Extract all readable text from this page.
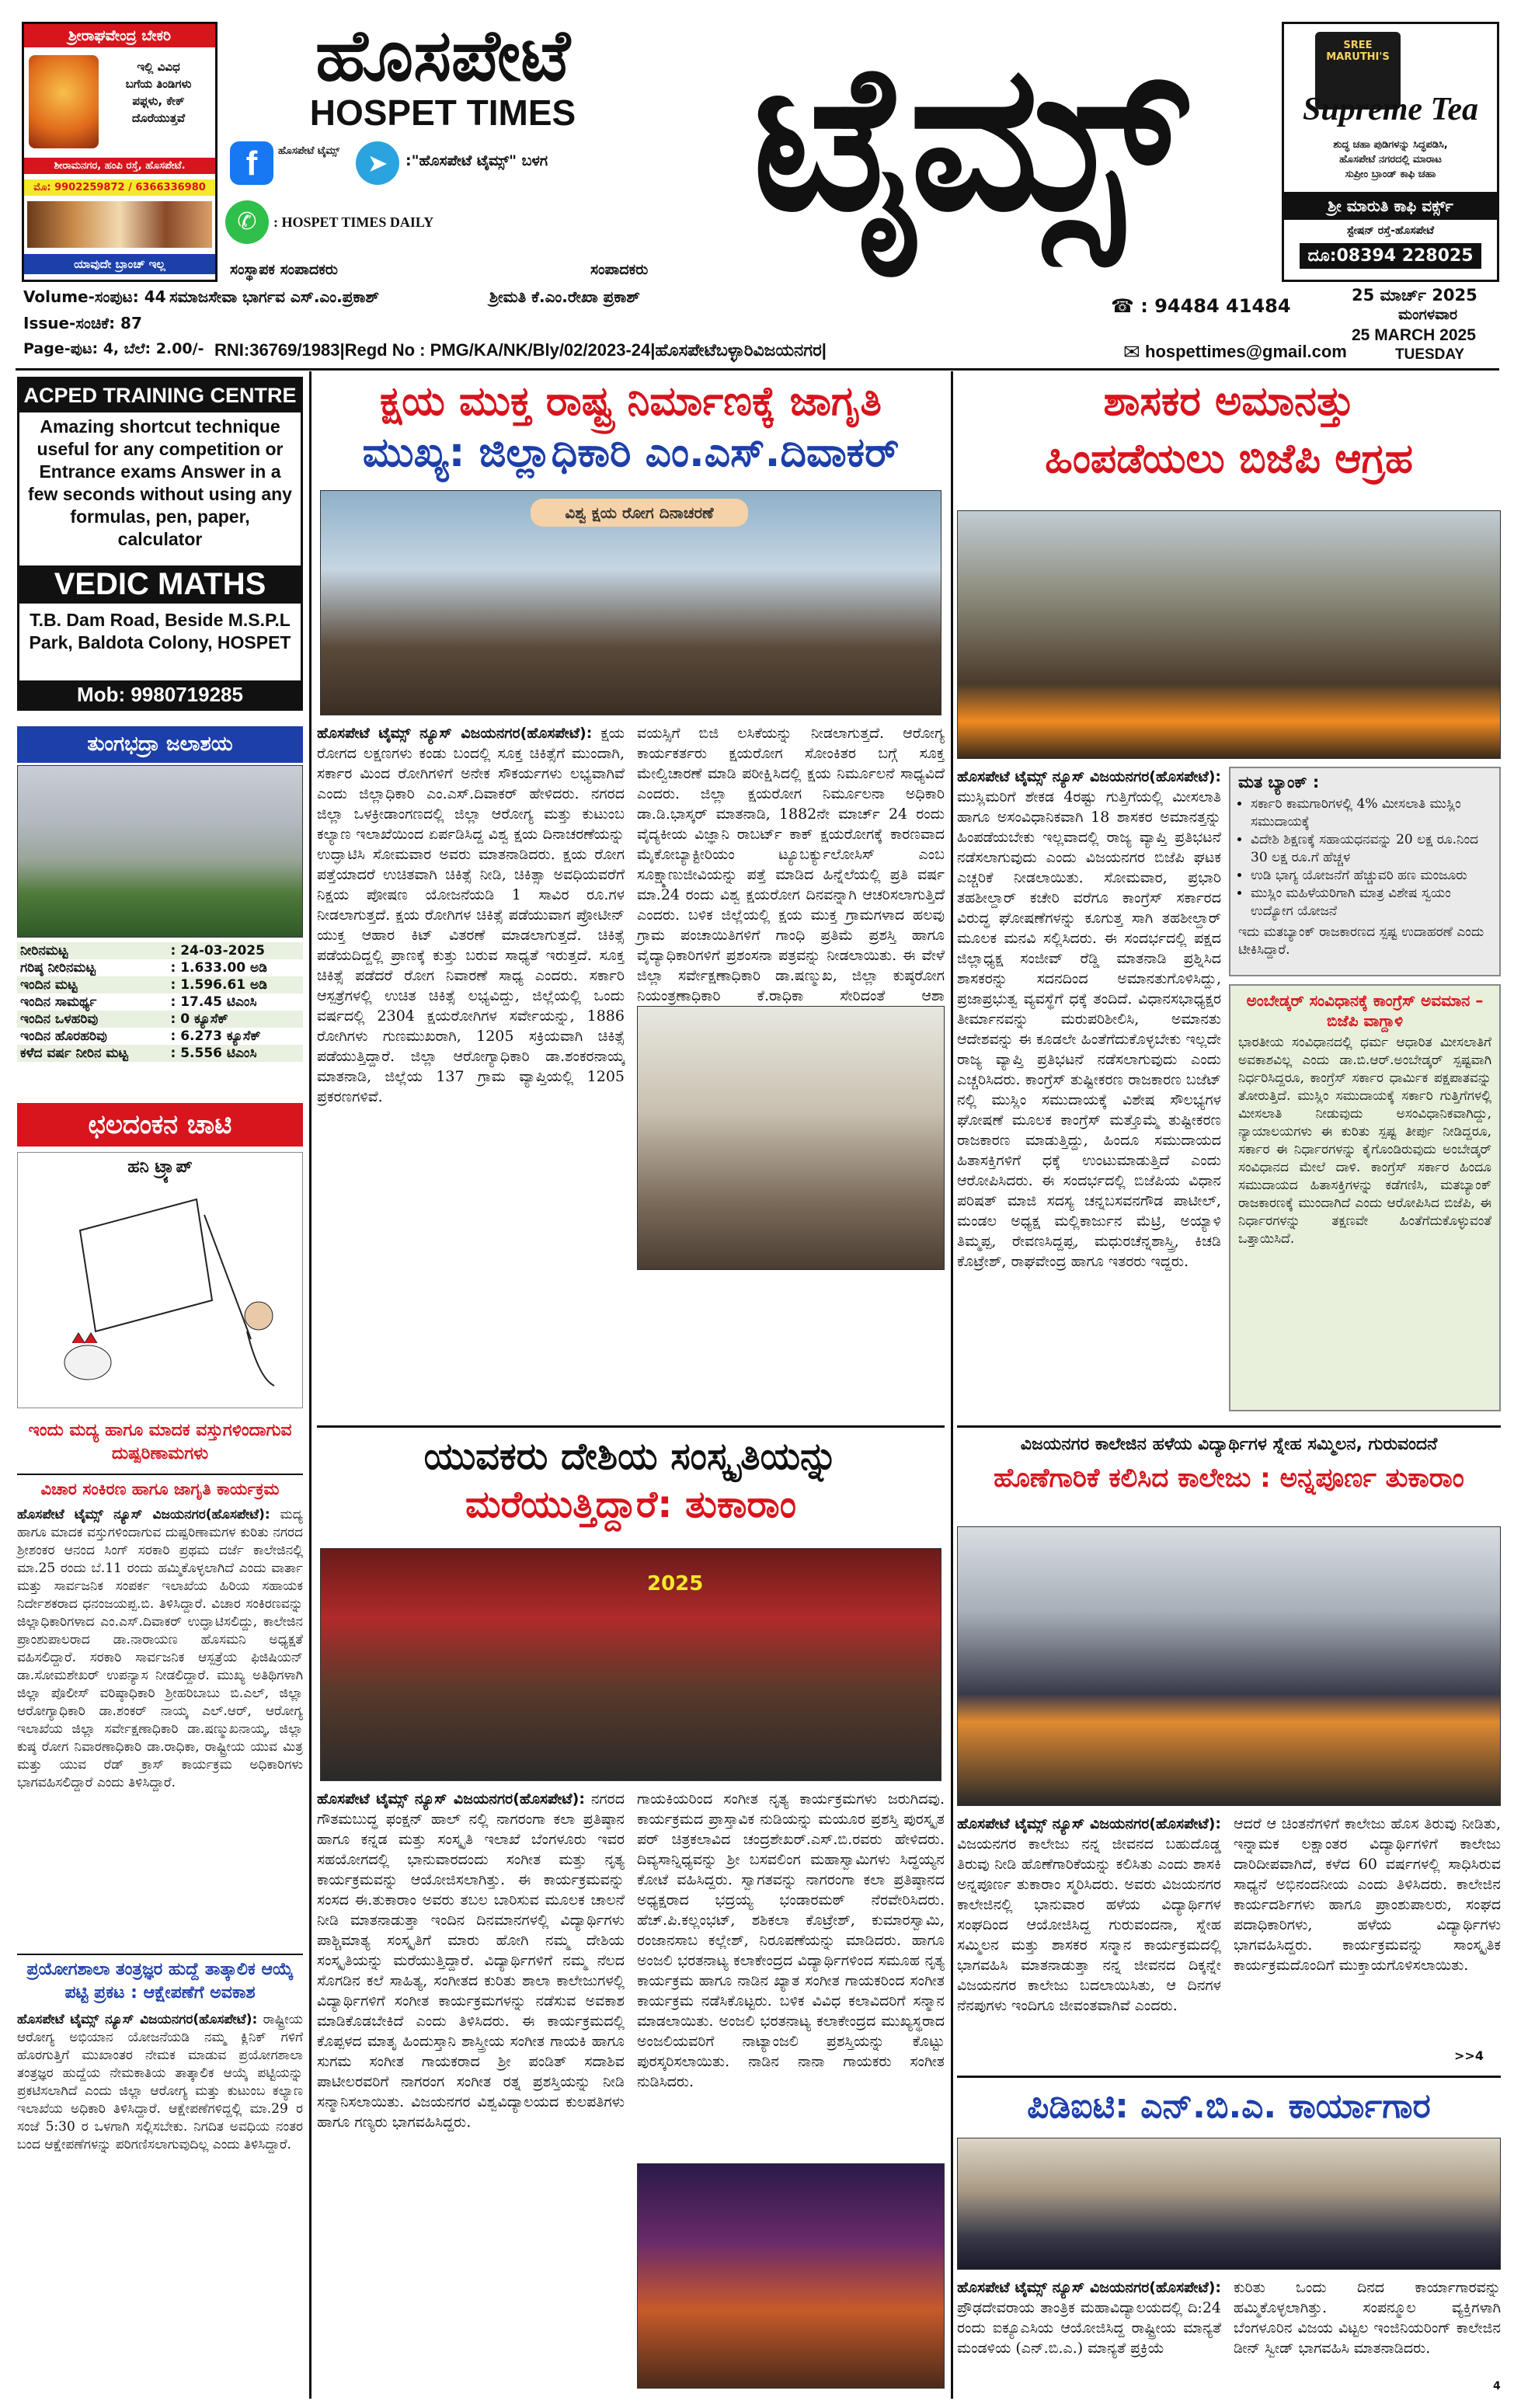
ಶ್ರೀರಾಘವೇಂದ್ರ ಬೇಕರಿ
ಇಲ್ಲಿ ವಿವಿಧ
ಬಗೆಯ ತಿಂಡಿಗಳು
ಪಫ್ಗಳು, ಕೇಕ್
ದೊರೆಯುತ್ತವೆ
ಶೀರಾಮನಗರ, ಹಂಪಿ ರಸ್ತೆ, ಹೊಸಪೇಟೆ.
ಮೊ: 9902259872 / 6366336980
ಯಾವುದೇ ಬ್ರಾಂಚ್ ಇಲ್ಲ
ಹೊಸಪೇಟೆ
HOSPET TIMES
f	ಹೊಸಪೇಟೆ ಟೈಮ್ಸ್	➤	:"ಹೊಸಪೇಟೆ ಟೈಮ್ಸ್" ಬಳಗ
✆	: HOSPET TIMES DAILY	ಟೈಮ್ಸ್	SREE MARUTHI'S
Supreme Tea
ಶುದ್ಧ ಚಹಾ ಪುಡಿಗಳನ್ನು ಸಿದ್ಧಪಡಿಸಿ,
ಹೊಸಪೇಟೆ ನಗರದಲ್ಲಿ ಮಾರಾಟ
ಸುಪ್ರೀಂ ಬ್ರಾಂಡ್ ಕಾಫಿ ಚಹಾ
ಶ್ರೀ ಮಾರುತಿ ಕಾಫಿ ವರ್ಕ್ಸ್
ಸ್ಟೇಷನ್ ರಸ್ತೆ-ಹೊಸಪೇಟೆ
ದೂ:08394 228025
ಸಂಸ್ಥಾಪಕ ಸಂಪಾದಕರು	ಸಂಪಾದಕರು
Volume-ಸಂಪುಟ: 44 ಸಮಾಜಸೇವಾ ಭಾರ್ಗವ ಎಸ್.ಎಂ.ಪ್ರಕಾಶ್	ಶ್ರೀಮತಿ ಕೆ.ಎಂ.ರೇಖಾ ಪ್ರಕಾಶ್	☎ : 94484 41484	25 ಮಾರ್ಚ್ 2025
ಮಂಗಳವಾರ
Issue-ಸಂಚಿಕೆ: 87
25 MARCH 2025
TUESDAY
Page-ಪುಟ: 4, ಬೆಲೆ: 2.00/- RNI:36769/1983|Regd No : PMG/KA/NK/Bly/02/2023-24|ಹೊಸಪೇಟೆಬಳ್ಳಾರಿವಿಜಯನಗರ|	✉ hospettimes@gmail.com
ACPED TRAINING CENTRE
Amazing shortcut technique useful for any competition or Entrance exams Answer in a few seconds without using any formulas, pen, paper, calculator
VEDIC MATHS
T.B. Dam Road, Beside M.S.P.L Park, Baldota Colony, HOSPET
Mob: 9980719285
ತುಂಗಭದ್ರಾ ಜಲಾಶಯ
ನೀರಿನಮಟ್ಟ	: 24-03-2025
ಗರಿಷ್ಠ ನೀರಿನಮಟ್ಟ	: 1.633.00 ಅಡಿ
ಇಂದಿನ ಮಟ್ಟ	: 1.596.61 ಅಡಿ
ಇಂದಿನ ಸಾಮರ್ಥ್ಯ	: 17.45 ಟಿಎಂಸಿ
ಇಂದಿನ ಒಳಹರಿವು	: 0 ಕ್ಯೂಸೆಕ್
ಇಂದಿನ ಹೊರಹರಿವು	: 6.273 ಕ್ಯೂಸೆಕ್
ಕಳೆದ ವರ್ಷ ನೀರಿನ ಮಟ್ಟ	: 5.556 ಟಿಎಂಸಿ
ಛಲದಂಕನ ಚಾಟಿ
ಹನಿ ಟ್ರ್ಯಾಪ್
ಇಂದು ಮದ್ಯ ಹಾಗೂ ಮಾದಕ ವಸ್ತುಗಳಿಂದಾಗುವ ದುಷ್ಪರಿಣಾಮಗಳು
ವಿಚಾರ ಸಂಕಿರಣ ಹಾಗೂ ಜಾಗೃತಿ ಕಾರ್ಯಕ್ರಮ
ಹೊಸಪೇಟೆ ಟೈಮ್ಸ್ ನ್ಯೂಸ್ ವಿಜಯನಗರ(ಹೊಸಪೇಟೆ): ಮದ್ಯ ಹಾಗೂ ಮಾದಕ ವಸ್ತುಗಳಿಂದಾಗುವ ದುಷ್ಪರಿಣಾಮಗಳ ಕುರಿತು ನಗರದ ಶ್ರೀಶಂಕರ ಆನಂದ ಸಿಂಗ್ ಸರಕಾರಿ ಪ್ರಥಮ ದರ್ಜೆ ಕಾಲೇಜಿನಲ್ಲಿ ಮಾ.25 ರಂದು ಬೆ.11 ರಂದು ಹಮ್ಮಿಕೊಳ್ಳಲಾಗಿದೆ ಎಂದು ವಾರ್ತಾ ಮತ್ತು ಸಾರ್ವಜನಿಕ ಸಂಪರ್ಕ ಇಲಾಖೆಯ ಹಿರಿಯ ಸಹಾಯಕ ನಿರ್ದೇಶಕರಾದ ಧನಂಜಯಪ್ಪ.ಬಿ. ತಿಳಿಸಿದ್ದಾರೆ. ವಿಚಾರ ಸಂಕಿರಣವನ್ನು ಜಿಲ್ಲಾಧಿಕಾರಿಗಳಾದ ಎಂ.ಎಸ್.ದಿವಾಕರ್ ಉದ್ಘಾಟಿಸಲಿದ್ದು, ಕಾಲೇಜಿನ ಪ್ರಾಂಶುಪಾಲರಾದ ಡಾ.ನಾರಾಯಣ ಹೊಸಮನಿ ಅಧ್ಯಕ್ಷತೆ ವಹಿಸಲಿದ್ದಾರೆ. ಸರಕಾರಿ ಸಾರ್ವಜನಿಕ ಆಸ್ಪತ್ರೆಯ ಫಿಜಿಷಿಯನ್ ಡಾ.ಸೋಮಶೇಖರ್ ಉಪನ್ಯಾಸ ನೀಡಲಿದ್ದಾರೆ. ಮುಖ್ಯ ಅತಿಥಿಗಳಾಗಿ ಜಿಲ್ಲಾ ಪೊಲೀಸ್ ವರಿಷ್ಠಾಧಿಕಾರಿ ಶ್ರೀಹರಿಬಾಬು ಬಿ.ಎಲ್, ಜಿಲ್ಲಾ ಆರೋಗ್ಯಾಧಿಕಾರಿ ಡಾ.ಶಂಕರ್ ನಾಯ್ಕ ಎಲ್.ಆರ್, ಆರೋಗ್ಯ ಇಲಾಖೆಯ ಜಿಲ್ಲಾ ಸರ್ವೇಕ್ಷಣಾಧಿಕಾರಿ ಡಾ.ಷಣ್ಮುಖನಾಯ್ಕ, ಜಿಲ್ಲಾ ಕುಷ್ಠ ರೋಗ ನಿವಾರಣಾಧಿಕಾರಿ ಡಾ.ರಾಧಿಕಾ, ರಾಷ್ಟ್ರೀಯ ಯುವ ಮಿತ್ರ ಮತ್ತು ಯುವ ರೆಡ್ ಕ್ರಾಸ್ ಕಾರ್ಯಕ್ರಮ ಅಧಿಕಾರಿಗಳು ಭಾಗವಹಿಸಲಿದ್ದಾರೆ ಎಂದು ತಿಳಿಸಿದ್ದಾರೆ.
ಪ್ರಯೋಗಶಾಲಾ ತಂತ್ರಜ್ಞರ ಹುದ್ದೆ ತಾತ್ಕಾಲಿಕ ಆಯ್ಕೆ ಪಟ್ಟಿ ಪ್ರಕಟ : ಆಕ್ಷೇಪಣೆಗೆ ಅವಕಾಶ
ಹೊಸಪೇಟೆ ಟೈಮ್ಸ್ ನ್ಯೂಸ್ ವಿಜಯನಗರ(ಹೊಸಪೇಟೆ): ರಾಷ್ಟ್ರೀಯ ಆರೋಗ್ಯ ಅಭಿಯಾನ ಯೋಜನೆಯಡಿ ನಮ್ಮ ಕ್ಲಿನಿಕ್ ಗಳಿಗೆ ಹೊರಗುತ್ತಿಗೆ ಮುಖಾಂತರ ನೇಮಕ ಮಾಡುವ ಪ್ರಯೋಗಶಾಲಾ ತಂತ್ರಜ್ಞರ ಹುದ್ದೆಯ ನೇಮಕಾತಿಯ ತಾತ್ಕಾಲಿಕ ಆಯ್ಕೆ ಪಟ್ಟಿಯನ್ನು ಪ್ರಕಟಿಸಲಾಗಿದೆ ಎಂದು ಜಿಲ್ಲಾ ಆರೋಗ್ಯ ಮತ್ತು ಕುಟುಂಬ ಕಲ್ಯಾಣ ಇಲಾಖೆಯ ಅಧಿಕಾರಿ ತಿಳಿಸಿದ್ದಾರೆ. ಆಕ್ಷೇಪಣೆಗಳಿದ್ದಲ್ಲಿ ಮಾ.29 ರ ಸಂಜೆ 5:30 ರ ಒಳಗಾಗಿ ಸಲ್ಲಿಸಬೇಕು. ನಿಗದಿತ ಅವಧಿಯ ನಂತರ ಬಂದ ಆಕ್ಷೇಪಣೆಗಳನ್ನು ಪರಿಗಣಿಸಲಾಗುವುದಿಲ್ಲ ಎಂದು ತಿಳಿಸಿದ್ದಾರೆ.
ಕ್ಷಯ ಮುಕ್ತ ರಾಷ್ಟ್ರ ನಿರ್ಮಾಣಕ್ಕೆ ಜಾಗೃತಿ
ಮುಖ್ಯ: ಜಿಲ್ಲಾಧಿಕಾರಿ ಎಂ.ಎಸ್.ದಿವಾಕರ್
ವಿಶ್ವ ಕ್ಷಯ ರೋಗ ದಿನಾಚರಣೆ
ಹೊಸಪೇಟೆ ಟೈಮ್ಸ್ ನ್ಯೂಸ್ ವಿಜಯನಗರ(ಹೊಸಪೇಟೆ): ಕ್ಷಯ ರೋಗದ ಲಕ್ಷಣಗಳು ಕಂಡು ಬಂದಲ್ಲಿ ಸೂಕ್ತ ಚಿಕಿತ್ಸೆಗೆ ಮುಂದಾಗಿ, ಸರ್ಕಾರ ಮಿಂದ ರೋಗಿಗಳಿಗೆ ಅನೇಕ ಸೌಕರ್ಯಗಳು ಲಭ್ಯವಾಗಿವೆ ಎಂದು ಜಿಲ್ಲಾಧಿಕಾರಿ ಎಂ.ಎಸ್.ದಿವಾಕರ್ ಹೇಳಿದರು. ನಗರದ ಜಿಲ್ಲಾ ಒಳಕ್ರೀಡಾಂಗಣದಲ್ಲಿ ಜಿಲ್ಲಾ ಆರೋಗ್ಯ ಮತ್ತು ಕುಟುಂಬ ಕಲ್ಯಾಣ ಇಲಾಖೆಯಿಂದ ಏರ್ಪಡಿಸಿದ್ದ ವಿಶ್ವ ಕ್ಷಯ ದಿನಾಚರಣೆಯನ್ನು ಉದ್ಘಾಟಿಸಿ ಸೋಮವಾರ ಅವರು ಮಾತನಾಡಿದರು. ಕ್ಷಯ ರೋಗ ಪತ್ತೆಯಾದರೆ ಉಚಿತವಾಗಿ ಚಿಕಿತ್ಸೆ ನೀಡಿ, ಚಿಕಿತ್ಸಾ ಅವಧಿಯವರೆಗೆ ನಿಕ್ಷಯ ಪೋಷಣ ಯೋಜನೆಯಡಿ 1 ಸಾವಿರ ರೂ.ಗಳ ನೀಡಲಾಗುತ್ತದೆ. ಕ್ಷಯ ರೋಗಿಗಳ ಚಿಕಿತ್ಸೆ ಪಡೆಯುವಾಗ ಪ್ರೋಟೀನ್ ಯುಕ್ತ ಆಹಾರ ಕಿಟ್ ವಿತರಣೆ ಮಾಡಲಾಗುತ್ತದೆ. ಚಿಕಿತ್ಸೆ ಪಡೆಯದಿದ್ದಲ್ಲಿ ಪ್ರಾಣಕ್ಕೆ ಕುತ್ತು ಬರುವ ಸಾಧ್ಯತೆ ಇರುತ್ತದೆ. ಸೂಕ್ತ ಚಿಕಿತ್ಸೆ ಪಡೆದರೆ ರೋಗ ನಿವಾರಣೆ ಸಾಧ್ಯ ಎಂದರು. ಸರ್ಕಾರಿ ಆಸ್ಪತ್ರೆಗಳಲ್ಲಿ ಉಚಿತ ಚಿಕಿತ್ಸೆ ಲಭ್ಯವಿದ್ದು, ಜಿಲ್ಲೆಯಲ್ಲಿ ಒಂದು ವರ್ಷದಲ್ಲಿ 2304 ಕ್ಷಯರೋಗಿಗಳ ಸರ್ವೇಯನ್ನು, 1886 ರೋಗಿಗಳು ಗುಣಮುಖರಾಗಿ, 1205 ಸಕ್ರಿಯವಾಗಿ ಚಿಕಿತ್ಸೆ ಪಡೆಯುತ್ತಿದ್ದಾರೆ. ಜಿಲ್ಲಾ ಆರೋಗ್ಯಾಧಿಕಾರಿ ಡಾ.ಶಂಕರನಾಯ್ಕ ಮಾತನಾಡಿ, ಜಿಲ್ಲೆಯ 137 ಗ್ರಾಮ ವ್ಯಾಪ್ತಿಯಲ್ಲಿ 1205 ಪ್ರಕರಣಗಳಿವೆ.
ವಯಸ್ಸಿಗೆ ಬಿಜಿ ಲಸಿಕೆಯನ್ನು ನೀಡಲಾಗುತ್ತದೆ. ಆರೋಗ್ಯ ಕಾರ್ಯಕರ್ತರು ಕ್ಷಯರೋಗ ಸೋಂಕಿತರ ಬಗ್ಗೆ ಸೂಕ್ತ ಮೇಲ್ವಿಚಾರಣೆ ಮಾಡಿ ಪರೀಕ್ಷಿಸಿದಲ್ಲಿ ಕ್ಷಯ ನಿರ್ಮೂಲನೆ ಸಾಧ್ಯವಿದೆ ಎಂದರು. ಜಿಲ್ಲಾ ಕ್ಷಯರೋಗ ನಿರ್ಮೂಲನಾ ಅಧಿಕಾರಿ ಡಾ.ಡಿ.ಭಾಸ್ಕರ್ ಮಾತನಾಡಿ, 1882ನೇ ಮಾರ್ಚ್ 24 ರಂದು ವೈದ್ಯಕೀಯ ವಿಜ್ಞಾನಿ ರಾಬರ್ಟ್ ಕಾಕ್ ಕ್ಷಯರೋಗಕ್ಕೆ ಕಾರಣವಾದ ಮೈಕೋಬ್ಯಾಕ್ಟೀರಿಯಂ ಟ್ಯೂಬರ್ಕ್ಯುಲೋಸಿಸ್ ಎಂಬ ಸೂಕ್ಷ್ಮಾಣುಜೀವಿಯನ್ನು ಪತ್ತೆ ಮಾಡಿದ ಹಿನ್ನೆಲೆಯಲ್ಲಿ ಪ್ರತಿ ವರ್ಷ ಮಾ.24 ರಂದು ವಿಶ್ವ ಕ್ಷಯರೋಗ ದಿನವನ್ನಾಗಿ ಆಚರಿಸಲಾಗುತ್ತಿದೆ ಎಂದರು. ಬಳಿಕ ಜಿಲ್ಲೆಯಲ್ಲಿ ಕ್ಷಯ ಮುಕ್ತ ಗ್ರಾಮಗಳಾದ ಹಲವು ಗ್ರಾಮ ಪಂಚಾಯಿತಿಗಳಿಗೆ ಗಾಂಧಿ ಪ್ರತಿಮೆ ಪ್ರಶಸ್ತಿ ಹಾಗೂ ವೈದ್ಯಾಧಿಕಾರಿಗಳಿಗೆ ಪ್ರಶಂಸನಾ ಪತ್ರವನ್ನು ನೀಡಲಾಯಿತು. ಈ ವೇಳೆ ಜಿಲ್ಲಾ ಸರ್ವೇಕ್ಷಣಾಧಿಕಾರಿ ಡಾ.ಷಣ್ಮುಖ, ಜಿಲ್ಲಾ ಕುಷ್ಠರೋಗ ನಿಯಂತ್ರಣಾಧಿಕಾರಿ ಕೆ.ರಾಧಿಕಾ ಸೇರಿದಂತೆ ಆಶಾ
ಶಾಸಕರ ಅಮಾನತ್ತು
ಹಿಂಪಡೆಯಲು ಬಿಜೆಪಿ ಆಗ್ರಹ
ಹೊಸಪೇಟೆ ಟೈಮ್ಸ್ ನ್ಯೂಸ್ ವಿಜಯನಗರ(ಹೊಸಪೇಟೆ): ಮುಸ್ಲಿಮರಿಗೆ ಶೇಕಡ 4ರಷ್ಟು ಗುತ್ತಿಗೆಯಲ್ಲಿ ಮೀಸಲಾತಿ ಹಾಗೂ ಅಸಂವಿಧಾನಿಕವಾಗಿ 18 ಶಾಸಕರ ಅಮಾನತ್ತನ್ನು ಹಿಂಪಡೆಯಬೇಕು ಇಲ್ಲವಾದಲ್ಲಿ ರಾಜ್ಯ ವ್ಯಾಪ್ತಿ ಪ್ರತಿಭಟನೆ ನಡೆಸಲಾಗುವುದು ಎಂದು ವಿಜಯನಗರ ಬಿಜೆಪಿ ಘಟಕ ಎಚ್ಚರಿಕೆ ನೀಡಲಾಯಿತು. ಸೋಮವಾರ, ಪ್ರಭಾರಿ ತಹಶೀಲ್ದಾರ್ ಕಚೇರಿ ವರೆಗೂ ಕಾಂಗ್ರೆಸ್ ಸರ್ಕಾರದ ವಿರುದ್ಧ ಘೋಷಣೆಗಳನ್ನು ಕೂಗುತ್ತ ಸಾಗಿ ತಹಶೀಲ್ದಾರ್ ಮೂಲಕ ಮನವಿ ಸಲ್ಲಿಸಿದರು. ಈ ಸಂದರ್ಭದಲ್ಲಿ ಪಕ್ಷದ ಜಿಲ್ಲಾಧ್ಯಕ್ಷ ಸಂಜೀವ್ ರೆಡ್ಡಿ ಮಾತನಾಡಿ ಪ್ರಶ್ನಿಸಿದ ಶಾಸಕರನ್ನು ಸದನದಿಂದ ಅಮಾನತುಗೊಳಿಸಿದ್ದು, ಪ್ರಜಾಪ್ರಭುತ್ವ ವ್ಯವಸ್ಥೆಗೆ ಧಕ್ಕೆ ತಂದಿದೆ. ವಿಧಾನಸಭಾಧ್ಯಕ್ಷರ ತೀರ್ಮಾನವನ್ನು ಮರುಪರಿಶೀಲಿಸಿ, ಅಮಾನತು ಆದೇಶವನ್ನು ಈ ಕೂಡಲೇ ಹಿಂತೆಗೆದುಕೊಳ್ಳಬೇಕು ಇಲ್ಲದೇ ರಾಜ್ಯ ವ್ಯಾಪ್ತಿ ಪ್ರತಿಭಟನೆ ನಡೆಸಲಾಗುವುದು ಎಂದು ಎಚ್ಚರಿಸಿದರು. ಕಾಂಗ್ರೆಸ್ ತುಷ್ಟೀಕರಣ ರಾಜಕಾರಣ ಬಜೆಟ್ ನಲ್ಲಿ ಮುಸ್ಲಿಂ ಸಮುದಾಯಕ್ಕೆ ವಿಶೇಷ ಸೌಲಭ್ಯಗಳ ಘೋಷಣೆ ಮೂಲಕ ಕಾಂಗ್ರೆಸ್ ಮತ್ತೊಮ್ಮೆ ತುಷ್ಟೀಕರಣ ರಾಜಕಾರಣ ಮಾಡುತ್ತಿದ್ದು, ಹಿಂದೂ ಸಮುದಾಯದ ಹಿತಾಸಕ್ತಿಗಳಿಗೆ ಧಕ್ಕೆ ಉಂಟುಮಾಡುತ್ತಿದೆ ಎಂದು ಆರೋಪಿಸಿದರು. ಈ ಸಂದರ್ಭದಲ್ಲಿ ಬಿಜೆಪಿಯ ವಿಧಾನ ಪರಿಷತ್ ಮಾಜಿ ಸದಸ್ಯ ಚನ್ನಬಸವನಗೌಡ ಪಾಟೀಲ್, ಮಂಡಲ ಅಧ್ಯಕ್ಷ ಮಲ್ಲಿಕಾರ್ಜುನ ಮೆಟ್ರಿ, ಅಯ್ಯಾಳಿ ತಿಮ್ಮಪ್ಪ, ರೇವಣಸಿದ್ದಪ್ಪ, ಮಧುರಚೆನ್ನಶಾಸ್ತ್ರಿ, ಕಿಚಡಿ ಕೊಟ್ರೇಶ್, ರಾಘವೇಂದ್ರ ಹಾಗೂ ಇತರರು ಇದ್ದರು.
ಮತ ಬ್ಯಾಂಕ್ :
• ಸರ್ಕಾರಿ ಕಾಮಗಾರಿಗಳಲ್ಲಿ 4% ಮೀಸಲಾತಿ ಮುಸ್ಲಿಂ ಸಮುದಾಯಕ್ಕೆ
• ವಿದೇಶಿ ಶಿಕ್ಷಣಕ್ಕೆ ಸಹಾಯಧನವನ್ನು 20 ಲಕ್ಷ ರೂ.ನಿಂದ 30 ಲಕ್ಷ ರೂ.ಗೆ ಹೆಚ್ಚಳ
• ಉಡಿ ಭಾಗ್ಯ ಯೋಜನೆಗೆ ಹೆಚ್ಚುವರಿ ಹಣ ಮಂಜೂರು
• ಮುಸ್ಲಿಂ ಮಹಿಳೆಯರಿಗಾಗಿ ಮಾತ್ರ ವಿಶೇಷ ಸ್ವಯಂ ಉದ್ಯೋಗ ಯೋಜನೆ
ಇದು ಮತಬ್ಯಾಂಕ್ ರಾಜಕಾರಣದ ಸ್ಪಷ್ಟ ಉದಾಹರಣೆ ಎಂದು ಟೀಕಿಸಿದ್ದಾರೆ.
ಅಂಬೇಡ್ಕರ್ ಸಂವಿಧಾನಕ್ಕೆ ಕಾಂಗ್ರೆಸ್ ಅವಮಾನ – ಬಿಜೆಪಿ ವಾಗ್ದಾಳಿ
ಭಾರತೀಯ ಸಂವಿಧಾನದಲ್ಲಿ ಧರ್ಮ ಆಧಾರಿತ ಮೀಸಲಾತಿಗೆ ಅವಕಾಶವಿಲ್ಲ ಎಂದು ಡಾ.ಬಿ.ಆರ್.ಅಂಬೇಡ್ಕರ್ ಸ್ಪಷ್ಟವಾಗಿ ನಿರ್ಧರಿಸಿದ್ದರೂ, ಕಾಂಗ್ರೆಸ್ ಸರ್ಕಾರ ಧಾರ್ಮಿಕ ಪಕ್ಷಪಾತವನ್ನು ತೋರುತ್ತಿದೆ. ಮುಸ್ಲಿಂ ಸಮುದಾಯಕ್ಕೆ ಸರ್ಕಾರಿ ಗುತ್ತಿಗೆಗಳಲ್ಲಿ ಮೀಸಲಾತಿ ನೀಡುವುದು ಅಸಂವಿಧಾನಿಕವಾಗಿದ್ದು, ನ್ಯಾಯಾಲಯಗಳು ಈ ಕುರಿತು ಸ್ಪಷ್ಟ ತೀರ್ಪು ನೀಡಿದ್ದರೂ, ಸರ್ಕಾರ ಈ ನಿರ್ಧಾರಗಳನ್ನು ಕೈಗೊಂಡಿರುವುದು ಅಂಬೇಡ್ಕರ್ ಸಂವಿಧಾನದ ಮೇಲೆ ದಾಳಿ. ಕಾಂಗ್ರೆಸ್ ಸರ್ಕಾರ ಹಿಂದೂ ಸಮುದಾಯದ ಹಿತಾಸಕ್ತಿಗಳನ್ನು ಕಡೆಗಣಿಸಿ, ಮತಬ್ಯಾಂಕ್ ರಾಜಕಾರಣಕ್ಕೆ ಮುಂದಾಗಿದೆ ಎಂದು ಆರೋಪಿಸಿದ ಬಿಜೆಪಿ, ಈ ನಿರ್ಧಾರಗಳನ್ನು ತಕ್ಷಣವೇ ಹಿಂತೆಗೆದುಕೊಳ್ಳುವಂತೆ ಒತ್ತಾಯಿಸಿದೆ.
ಯುವಕರು ದೇಶಿಯ ಸಂಸ್ಕೃತಿಯನ್ನು
ಮರೆಯುತ್ತಿದ್ದಾರೆ: ತುಕಾರಾಂ
2025
ಹೊಸಪೇಟೆ ಟೈಮ್ಸ್ ನ್ಯೂಸ್ ವಿಜಯನಗರ(ಹೊಸಪೇಟೆ): ನಗರದ ಗೌತಮಬುದ್ಧ ಫಂಕ್ಷನ್ ಹಾಲ್ ನಲ್ಲಿ ನಾಗರಂಗಾ ಕಲಾ ಪ್ರತಿಷ್ಠಾನ ಹಾಗೂ ಕನ್ನಡ ಮತ್ತು ಸಂಸ್ಕೃತಿ ಇಲಾಖೆ ಬೆಂಗಳೂರು ಇವರ ಸಹಯೋಗದಲ್ಲಿ ಭಾನುವಾರದಂದು ಸಂಗೀತ ಮತ್ತು ನೃತ್ಯ ಕಾರ್ಯಕ್ರಮವನ್ನು ಆಯೋಜಿಸಲಾಗಿತ್ತು. ಈ ಕಾರ್ಯಕ್ರಮವನ್ನು ಸಂಸದ ಈ.ತುಕಾರಾಂ ಅವರು ತಬಲ ಬಾರಿಸುವ ಮೂಲಕ ಚಾಲನೆ ನೀಡಿ ಮಾತನಾಡುತ್ತಾ ಇಂದಿನ ದಿನಮಾನಗಳಲ್ಲಿ ವಿದ್ಯಾರ್ಥಿಗಳು ಪಾಶ್ಚಿಮಾತ್ಯ ಸಂಸ್ಕೃತಿಗೆ ಮಾರು ಹೋಗಿ ನಮ್ಮ ದೇಶಿಯ ಸಂಸ್ಕೃತಿಯನ್ನು ಮರೆಯುತ್ತಿದ್ದಾರೆ. ವಿದ್ಯಾರ್ಥಿಗಳಿಗೆ ನಮ್ಮ ನೆಲದ ಸೊಗಡಿನ ಕಲೆ ಸಾಹಿತ್ಯ, ಸಂಗೀತದ ಕುರಿತು ಶಾಲಾ ಕಾಲೇಜುಗಳಲ್ಲಿ ವಿದ್ಯಾರ್ಥಿಗಳಿಗೆ ಸಂಗೀತ ಕಾರ್ಯಕ್ರಮಗಳನ್ನು ನಡೆಸುವ ಅವಕಾಶ ಮಾಡಿಕೊಡಬೇಕಿದೆ ಎಂದು ತಿಳಿಸಿದರು. ಈ ಕಾರ್ಯಕ್ರಮದಲ್ಲಿ ಕೊಪ್ಪಳದ ಮಾತೃ ಹಿಂದುಸ್ತಾನಿ ಶಾಸ್ತ್ರೀಯ ಸಂಗೀತ ಗಾಯಕಿ ಹಾಗೂ ಸುಗಮ ಸಂಗೀತ ಗಾಯಕರಾದ ಶ್ರೀ ಪಂಡಿತ್ ಸದಾಶಿವ ಪಾಟೀಲರವರಿಗೆ ನಾಗರಂಗ ಸಂಗೀತ ರತ್ನ ಪ್ರಶಸ್ತಿಯನ್ನು ನೀಡಿ ಸನ್ಮಾನಿಸಲಾಯಿತು. ವಿಜಯನಗರ ವಿಶ್ವವಿದ್ಯಾಲಯದ ಕುಲಪತಿಗಳು ಹಾಗೂ ಗಣ್ಯರು ಭಾಗವಹಿಸಿದ್ದರು.
ಗಾಯಕಿಯರಿಂದ ಸಂಗೀತ ನೃತ್ಯ ಕಾರ್ಯಕ್ರಮಗಳು ಜರುಗಿದವು. ಕಾರ್ಯಕ್ರಮದ ಪ್ರಾಸ್ತಾವಿಕ ನುಡಿಯನ್ನು ಮಯೂರ ಪ್ರಶಸ್ತಿ ಪುರಸ್ಕೃತ ಪರ್ ಚಿತ್ರಕಲಾವಿದ ಚಂದ್ರಶೇಖರ್.ಎಸ್.ಬಿ.ರವರು ಹೇಳಿದರು. ದಿವ್ಯಸಾನ್ನಿಧ್ಯವನ್ನು ಶ್ರೀ ಬಸವಲಿಂಗ ಮಹಾಸ್ವಾಮಿಗಳು ಸಿದ್ಧಯ್ಯನ ಕೋಟೆ ವಹಿಸಿದ್ದರು. ಸ್ವಾಗತವನ್ನು ನಾಗರಂಗಾ ಕಲಾ ಪ್ರತಿಷ್ಠಾನದ ಅಧ್ಯಕ್ಷರಾದ ಭದ್ರಯ್ಯ ಭಂಡಾರಮಠ್ ನೆರವೇರಿಸಿದರು. ಹೆಚ್.ಪಿ.ಕಲ್ಲಂಭಟ್, ಶಶಿಕಲಾ ಕೊಟ್ರೇಶ್, ಕುಮಾರಸ್ವಾಮಿ, ರಂಜಾನಸಾಬ ಕಲ್ಲೇಶ್, ನಿರೂಪಣೆಯನ್ನು ಮಾಡಿದರು. ಹಾಗೂ ಅಂಜಲಿ ಭರತನಾಟ್ಯ ಕಲಾಕೇಂದ್ರದ ವಿದ್ಯಾರ್ಥಿಗಳಿಂದ ಸಮೂಹ ನೃತ್ಯ ಕಾರ್ಯಕ್ರಮ ಹಾಗೂ ನಾಡಿನ ಖ್ಯಾತ ಸಂಗೀತ ಗಾಯಕರಿಂದ ಸಂಗೀತ ಕಾರ್ಯಕ್ರಮ ನಡೆಸಿಕೊಟ್ಟರು. ಬಳಿಕ ವಿವಿಧ ಕಲಾವಿದರಿಗೆ ಸನ್ಮಾನ ಮಾಡಲಾಯಿತು. ಅಂಜಲಿ ಭರತನಾಟ್ಯ ಕಲಾಕೇಂದ್ರದ ಮುಖ್ಯಸ್ಥರಾದ ಅಂಜಲಿಯವರಿಗೆ ನಾಟ್ಯಾಂಜಲಿ ಪ್ರಶಸ್ತಿಯನ್ನು ಕೊಟ್ಟು ಪುರಸ್ಕರಿಸಲಾಯಿತು. ನಾಡಿನ ನಾನಾ ಗಾಯಕರು ಸಂಗೀತ ನುಡಿಸಿದರು.
ವಿಜಯನಗರ ಕಾಲೇಜಿನ ಹಳೆಯ ವಿದ್ಯಾರ್ಥಿಗಳ ಸ್ನೇಹ ಸಮ್ಮಿಲನ, ಗುರುವಂದನೆ
ಹೊಣೆಗಾರಿಕೆ ಕಲಿಸಿದ ಕಾಲೇಜು : ಅನ್ನಪೂರ್ಣ ತುಕಾರಾಂ
ಹೊಸಪೇಟೆ ಟೈಮ್ಸ್ ನ್ಯೂಸ್ ವಿಜಯನಗರ(ಹೊಸಪೇಟೆ): ವಿಜಯನಗರ ಕಾಲೇಜು ನನ್ನ ಜೀವನದ ಬಹುದೊಡ್ಡ ತಿರುವು ನೀಡಿ ಹೊಣೆಗಾರಿಕೆಯನ್ನು ಕಲಿಸಿತು ಎಂದು ಶಾಸಕಿ ಅನ್ನಪೂರ್ಣ ತುಕಾರಾಂ ಸ್ಮರಿಸಿದರು. ಅವರು ವಿಜಯನಗರ ಕಾಲೇಜಿನಲ್ಲಿ ಭಾನುವಾರ ಹಳೆಯ ವಿದ್ಯಾರ್ಥಿಗಳ ಸಂಘದಿಂದ ಆಯೋಜಿಸಿದ್ದ ಗುರುವಂದನಾ, ಸ್ನೇಹ ಸಮ್ಮಿಲನ ಮತ್ತು ಶಾಸಕರ ಸನ್ಮಾನ ಕಾರ್ಯಕ್ರಮದಲ್ಲಿ ಭಾಗವಹಿಸಿ ಮಾತನಾಡುತ್ತಾ ನನ್ನ ಜೀವನದ ದಿಕ್ಕನ್ನೇ ವಿಜಯನಗರ ಕಾಲೇಜು ಬದಲಾಯಿಸಿತು, ಆ ದಿನಗಳ ನೆನಪುಗಳು ಇಂದಿಗೂ ಜೀವಂತವಾಗಿವೆ ಎಂದರು.
ಆದರೆ ಆ ಚಿಂತನೆಗಳಿಗೆ ಕಾಲೇಜು ಹೊಸ ತಿರುವು ನೀಡಿತು, ಇನ್ನಾಮಕ ಲಕ್ಷಾಂತರ ವಿದ್ಯಾರ್ಥಿಗಳಿಗೆ ಕಾಲೇಜು ದಾರಿದೀಪವಾಗಿದೆ, ಕಳೆದ 60 ವರ್ಷಗಳಲ್ಲಿ ಸಾಧಿಸಿರುವ ಸಾಧ್ಯನೆ ಅಭಿನಂದನೀಯ ಎಂದು ತಿಳಿಸಿದರು. ಕಾಲೇಜಿನ ಕಾರ್ಯದರ್ಶಿಗಳು ಹಾಗೂ ಪ್ರಾಂಶುಪಾಲರು, ಸಂಘದ ಪದಾಧಿಕಾರಿಗಳು, ಹಳೆಯ ವಿದ್ಯಾರ್ಥಿಗಳು ಭಾಗವಹಿಸಿದ್ದರು. ಕಾರ್ಯಕ್ರಮವನ್ನು ಸಾಂಸ್ಕೃತಿಕ ಕಾರ್ಯಕ್ರಮದೊಂದಿಗೆ ಮುಕ್ತಾಯಗೊಳಿಸಲಾಯಿತು.
>>4
ಪಿಡಿಐಟಿ: ಎನ್.ಬಿ.ಎ. ಕಾರ್ಯಾಗಾರ
ಹೊಸಪೇಟೆ ಟೈಮ್ಸ್ ನ್ಯೂಸ್ ವಿಜಯನಗರ(ಹೊಸಪೇಟೆ): ಪ್ರೌಢದೇವರಾಯ ತಾಂತ್ರಿಕ ಮಹಾವಿದ್ಯಾಲಯದಲ್ಲಿ ದಿ:24 ರಂದು ಐಕ್ಯೂಎಸಿಯ ಆಯೋಜಿಸಿದ್ದ ರಾಷ್ಟ್ರೀಯ ಮಾನ್ಯತೆ ಮಂಡಳಿಯ (ಎನ್.ಬಿ.ಎ.) ಮಾನ್ಯತೆ ಪ್ರಕ್ರಿಯೆ
ಕುರಿತು ಒಂದು ದಿನದ ಕಾರ್ಯಾಗಾರವನ್ನು ಹಮ್ಮಿಕೊಳ್ಳಲಾಗಿತ್ತು. ಸಂಪನ್ಮೂಲ ವ್ಯಕ್ತಿಗಳಾಗಿ ಬೆಂಗಳೂರಿನ ವಿಜಯ ವಿಟ್ಟಲ ಇಂಜಿನಿಯರಿಂಗ್ ಕಾಲೇಜಿನ ಡೀನ್ ಸ್ವೀಡ್ ಭಾಗವಹಿಸಿ ಮಾತನಾಡಿದರು.
4
